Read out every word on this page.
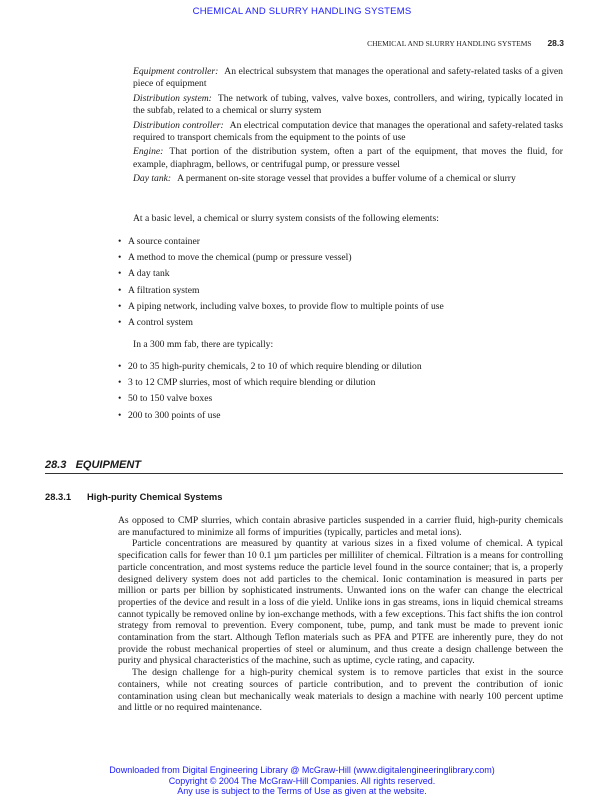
CHEMICAL AND SLURRY HANDLING SYSTEMS
CHEMICAL AND SLURRY HANDLING SYSTEMS 28.3

Equipment controller: An electrical subsystem that manages the operational and safety-related tasks of a given piece of equipment

Distribution system: The network of tubing, valves, valve boxes, controllers, and wiring, typically located in the subfab, related to a chemical or slurry system

Distribution controller: An electrical computation device that manages the operational and safety-related tasks required to transport chemicals from the equipment to the points of use

Engine: That portion of the distribution system, often a part of the equipment, that moves the fluid, for example, diaphragm, bellows, or centrifugal pump, or pressure vessel

Day tank: A permanent on-site storage vessel that provides a buffer volume of a chemical or slurry

At a basic level, a chemical or slurry system consists of the following elements:
• A source container
• A method to move the chemical (pump or pressure vessel)
• A day tank
• A filtration system
• A piping network, including valve boxes, to provide flow to multiple points of use
• A control system
In a 300 mm fab, there are typically:
• 20 to 35 high-purity chemicals, 2 to 10 of which require blending or dilution
• 3 to 12 CMP slurries, most of which require blending or dilution
• 50 to 150 valve boxes
• 200 to 300 points of use
28.3 EQUIPMENT
28.3.1 High-purity Chemical Systems

As opposed to CMP slurries, which contain abrasive particles suspended in a carrier fluid, high-purity chemicals are manufactured to minimize all forms of impurities (typically, particles and metal ions).

Particle concentrations are measured by quantity at various sizes in a fixed volume of chemical. A typical specification calls for fewer than 10 0.1 µm particles per milliliter of chemical. Filtration is a means for controlling particle concentration, and most systems reduce the particle level found in the source container; that is, a properly designed delivery system does not add particles to the chemical. Ionic contamination is measured in parts per million or parts per billion by sophisticated instruments. Unwanted ions on the wafer can change the electrical properties of the device and result in a loss of die yield. Unlike ions in gas streams, ions in liquid chemical streams cannot typically be removed online by ion-exchange methods, with a few exceptions. This fact shifts the ion control strategy from removal to prevention. Every component, tube, pump, and tank must be made to prevent ionic contamination from the start. Although Teflon materials such as PFA and PTFE are inherently pure, they do not provide the robust mechanical properties of steel or aluminum, and thus create a design challenge between the purity and physical characteristics of the machine, such as uptime, cycle rating, and capacity.

The design challenge for a high-purity chemical system is to remove particles that exist in the source containers, while not creating sources of particle contribution, and to prevent the contribution of ionic contamination using clean but mechanically weak materials to design a machine with nearly 100 percent uptime and little or no required maintenance.

Downloaded from Digital Engineering Library @ McGraw-Hill (www.digitalengineeringlibrary.com)
Copyright © 2004 The McGraw-Hill Companies. All rights reserved.
Any use is subject to the Terms of Use as given at the website.
